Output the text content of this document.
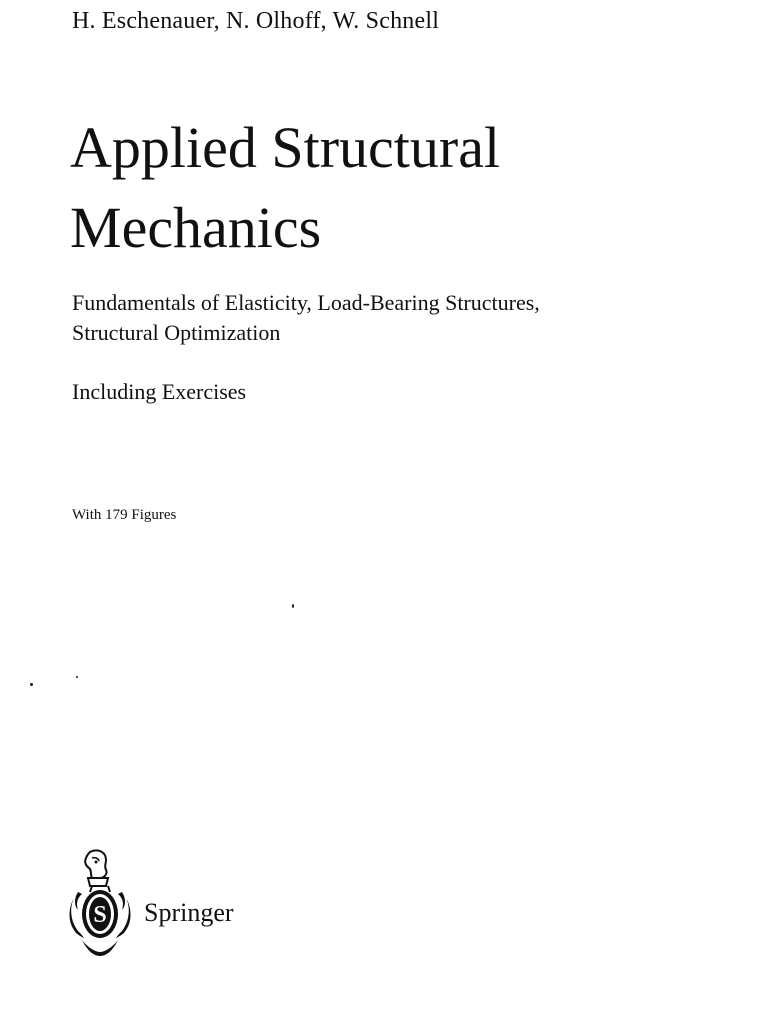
H. Eschenauer, N. Olhoff, W. Schnell
Applied Structural
Mechanics
Fundamentals of Elasticity, Load-Bearing Structures,
Structural Optimization
Including Exercises
With 179 Figures
S Springer
